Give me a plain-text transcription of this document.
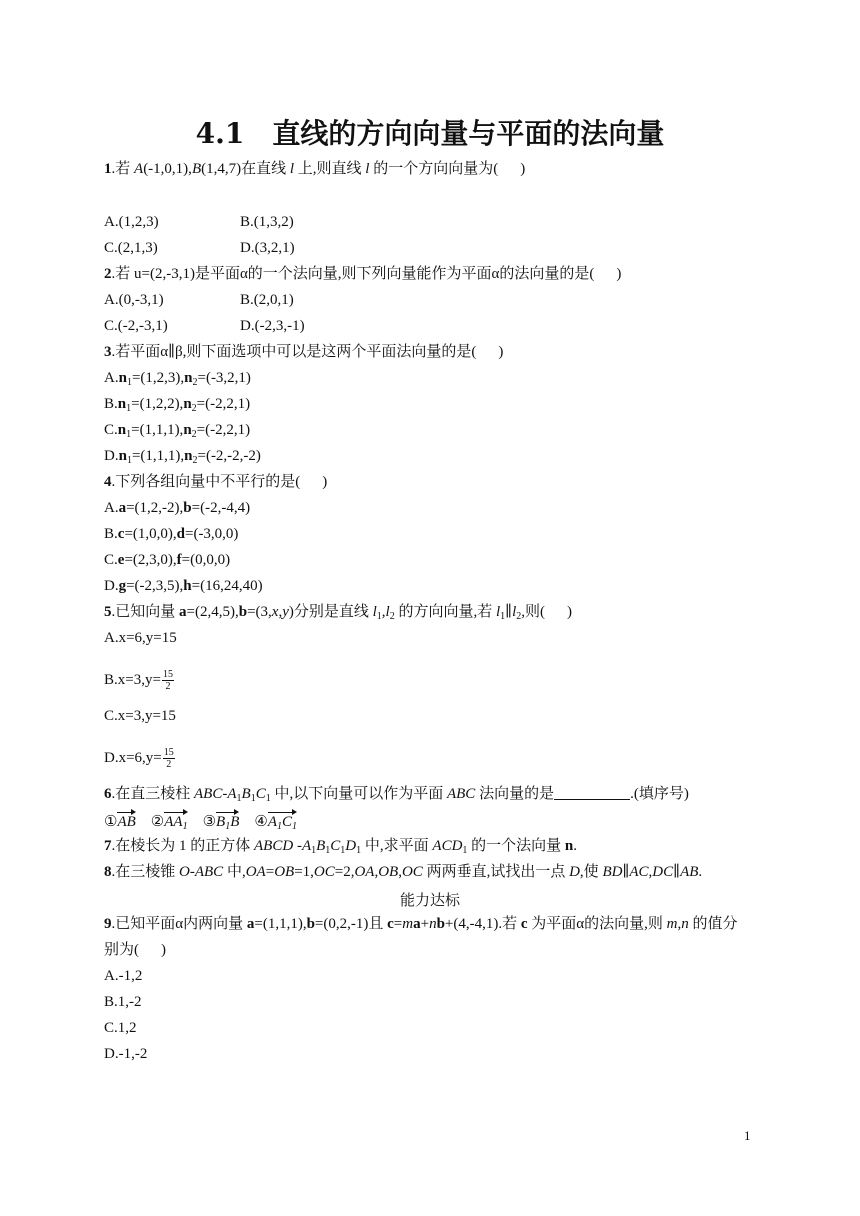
4.1 直线的方向向量与平面的法向量
1.若 A(-1,0,1),B(1,4,7)在直线 l 上,则直线 l 的一个方向向量为( )
A.(1,2,3)	B.(1,3,2)
C.(2,1,3)	D.(3,2,1)
2.若 u=(2,-3,1)是平面α的一个法向量,则下列向量能作为平面α的法向量的是( )
A.(0,-3,1)	B.(2,0,1)
C.(-2,-3,1)	D.(-2,3,-1)
3.若平面α∥β,则下面选项中可以是这两个平面法向量的是( )
$A.n_1=(1,2,3),n_2=(-3,2,1)$
$B.n_1=(1,2,2),n_2=(-2,2,1)$
$C.n_1=(1,1,1),n_2=(-2,2,1)$
$D.n_1=(1,1,1),n_2=(-2,-2,-2)$
4.下列各组向量中不平行的是( )
A.a=(1,2,-2),b=(-2,-4,4)
B.c=(1,0,0),d=(-3,0,0)
C.e=(2,3,0),f=(0,0,0)
D.g=(-2,3,5),h=(16,24,40)
5.已知向量 a=(2,4,5),b=(3,x,y)分别是直线 $l_1,l_2$ 的方向向量,若 $l_1\parallel l_2$,则( )
A.x=6,y=15
$B.x=3,y= \frac{15}{2}$
C.x=3,y=15
$D.x=6,y= \frac{15}{2}$
6.在直三棱柱 ABC-$A_1B_1C_1$ 中,以下向量可以作为平面 ABC 法向量的是	.(填序号)
①AB $②AA_1$ $③B_1B$ $④A_1C_1$
7.在棱长为 1 的正方体 ABCD $-A_1B_1C_1D_1$ 中,求平面 $ACD_1$ 的一个法向量 n.
8.在三棱锥 O-ABC 中,OA=OB=1,OC=2,OA,OB,OC 两两垂直,试找出一点 D,使 BD∥AC,DC∥AB.
能力达标
9.已知平面α内两向量 a=(1,1,1),b=(0,2,-1)且 c=ma+nb+(4,-4,1).若 c 为平面α的法向量,则 m,n 的值分
别为( )
A.-1,2
B.1,-2
C.1,2
D.-1,-2
1
